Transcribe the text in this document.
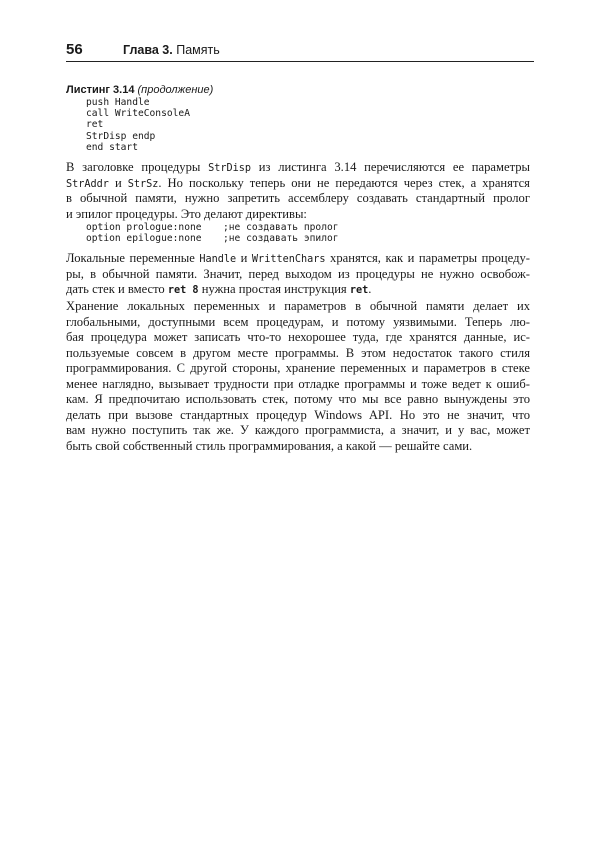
56	Глава 3. Память
Листинг 3.14 (продолжение)
push Handle
call WriteConsoleA
ret
StrDisp endp
end start
В заголовке процедуры StrDisp из листинга 3.14 перечисляются ее параметры
StrAddr и StrSz. Но поскольку теперь они не передаются через стек, а хранятся
в обычной памяти, нужно запретить ассемблеру создавать стандартный пролог
и эпилог процедуры. Это делают директивы:
option prologue:none ;не создавать пролог
option epilogue:none ;не создавать эпилог
Локальные переменные Handle и WrittenChars хранятся, как и параметры процеду-
ры, в обычной памяти. Значит, перед выходом из процедуры не нужно освобож-
дать стек и вместо ret 8 нужна простая инструкция ret.
Хранение локальных переменных и параметров в обычной памяти делает их
глобальными, доступными всем процедурам, и потому уязвимыми. Теперь лю-
бая процедура может записать что-то нехорошее туда, где хранятся данные, ис-
пользуемые совсем в другом месте программы. В этом недостаток такого стиля
программирования. С другой стороны, хранение переменных и параметров в стеке
менее наглядно, вызывает трудности при отладке программы и тоже ведет к ошиб-
кам. Я предпочитаю использовать стек, потому что мы все равно вынуждены это
делать при вызове стандартных процедур Windows API. Но это не значит, что
вам нужно поступить так же. У каждого программиста, а значит, и у вас, может
быть свой собственный стиль программирования, а какой — решайте сами.
